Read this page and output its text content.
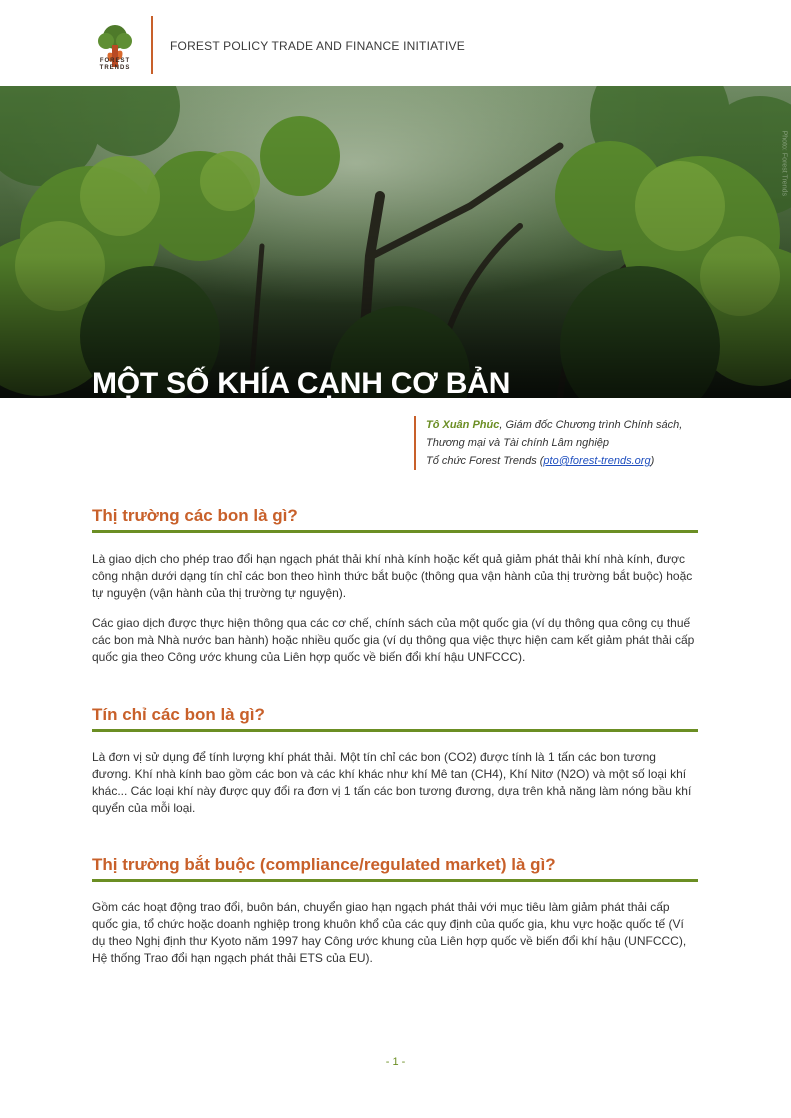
FOREST
TRENDS
FOREST POLICY TRADE AND FINANCE INITIATIVE
Photo: Forest Trends
MỘT SỐ KHÍA CẠNH CƠ BẢN
Tô Xuân Phúc, Giám đốc Chương trình Chính sách,
Thương mại và Tài chính Lâm nghiệp
Tổ chức Forest Trends (pto@forest-trends.org)
Thị trường các bon là gì?
Là giao dịch cho phép trao đổi hạn ngạch phát thải khí nhà kính hoặc kết quả giảm phát thải khí nhà kính, được công nhận dưới dạng tín chỉ các bon theo hình thức bắt buộc (thông qua vận hành của thị trường bắt buộc) hoặc tự nguyện (vận hành của thị trường tự nguyện).
Các giao dịch được thực hiện thông qua các cơ chế, chính sách của một quốc gia (ví dụ thông qua công cụ thuế các bon mà Nhà nước ban hành) hoặc nhiều quốc gia (ví dụ thông qua việc thực hiện cam kết giảm phát thải cấp quốc gia theo Công ước khung của Liên hợp quốc về biến đổi khí hậu UNFCCC).
Tín chỉ các bon là gì?
Là đơn vị sử dụng để tính lượng khí phát thải. Một tín chỉ các bon (CO2) được tính là 1 tấn các bon tương đương. Khí nhà kính bao gồm các bon và các khí khác như khí Mê tan (CH4), Khí Nitơ (N2O) và một số loại khí khác... Các loại khí này được quy đổi ra đơn vị 1 tấn các bon tương đương, dựa trên khả năng làm nóng bầu khí quyển của mỗi loại.
Thị trường bắt buộc (compliance/regulated market) là gì?
Gồm các hoạt động trao đổi, buôn bán, chuyển giao hạn ngạch phát thải với mục tiêu làm giảm phát thải cấp quốc gia, tổ chức hoặc doanh nghiệp trong khuôn khổ của các quy định của quốc gia, khu vực hoặc quốc tế (Ví dụ theo Nghị định thư Kyoto năm 1997 hay Công ước khung của Liên hợp quốc về biến đổi khí hậu (UNFCCC), Hệ thống Trao đổi hạn ngạch phát thải ETS của EU).
- 1 -
